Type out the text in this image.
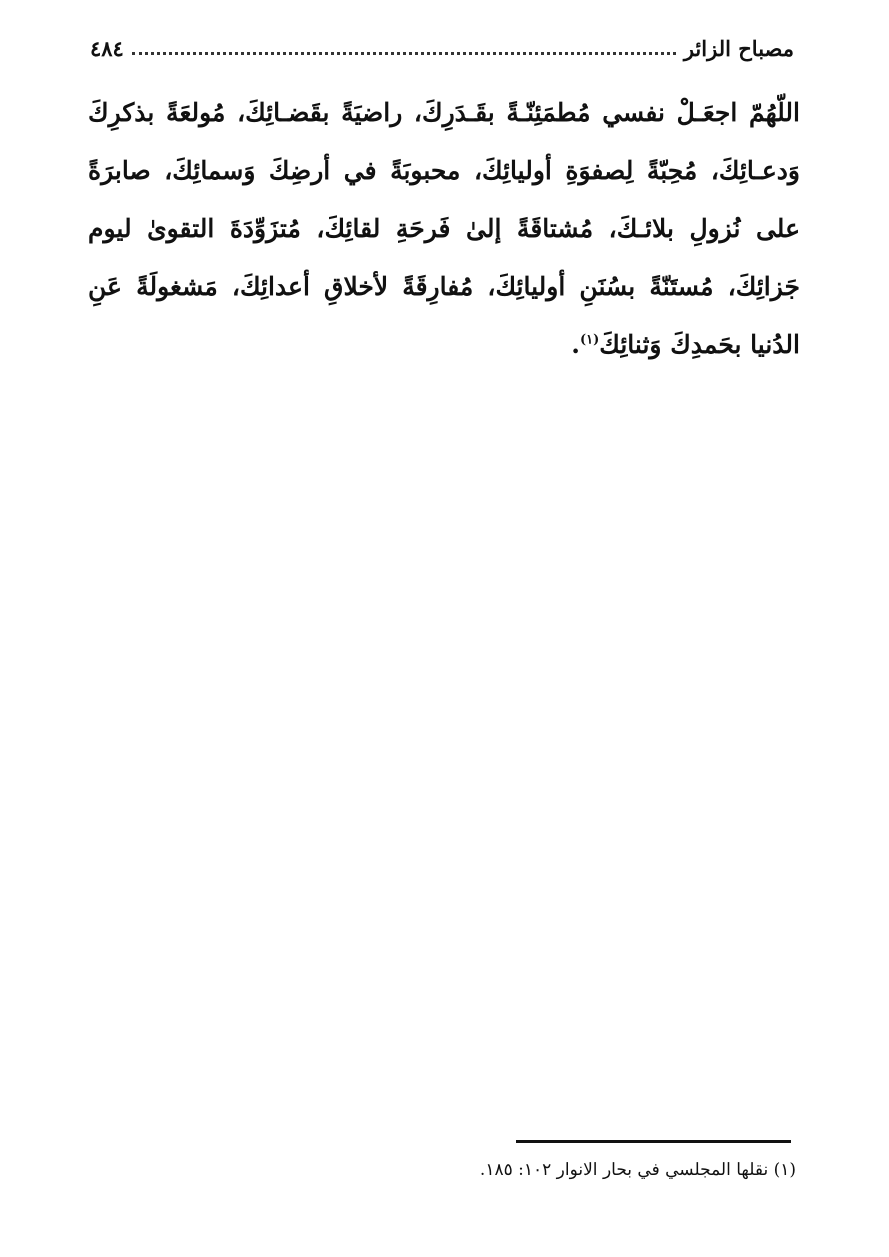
مصباح الزائر
٤٨٤

اللّهُمّ اجعَـلْ نفسي مُطمَئِنّـةً بقَـدَرِكَ، راضيَةً بقَضـائِكَ، مُولعَةً بذكرِكَ وَدعـائِكَ، مُحِبّةً لِصفوَةِ أوليائِكَ، محبوبَةً في أرضِكَ وَسمائِكَ، صابرَةً على نُزولِ بلائـكَ، مُشتاقَةً إلىٰ فَرحَةِ لقائِكَ، مُتزَوِّدَةَ التقوىٰ ليوم جَزائِكَ، مُستَنّةً بسُنَنِ أوليائِكَ، مُفارِقَةً لأخلاقِ أعدائِكَ، مَشغولَةً عَنِ الدُنيا بحَمدِكَ وَثنائِكَ$^{(١)}$.

(١) نقلها المجلسي في بحار الانوار ١٠٢: ١٨٥.
